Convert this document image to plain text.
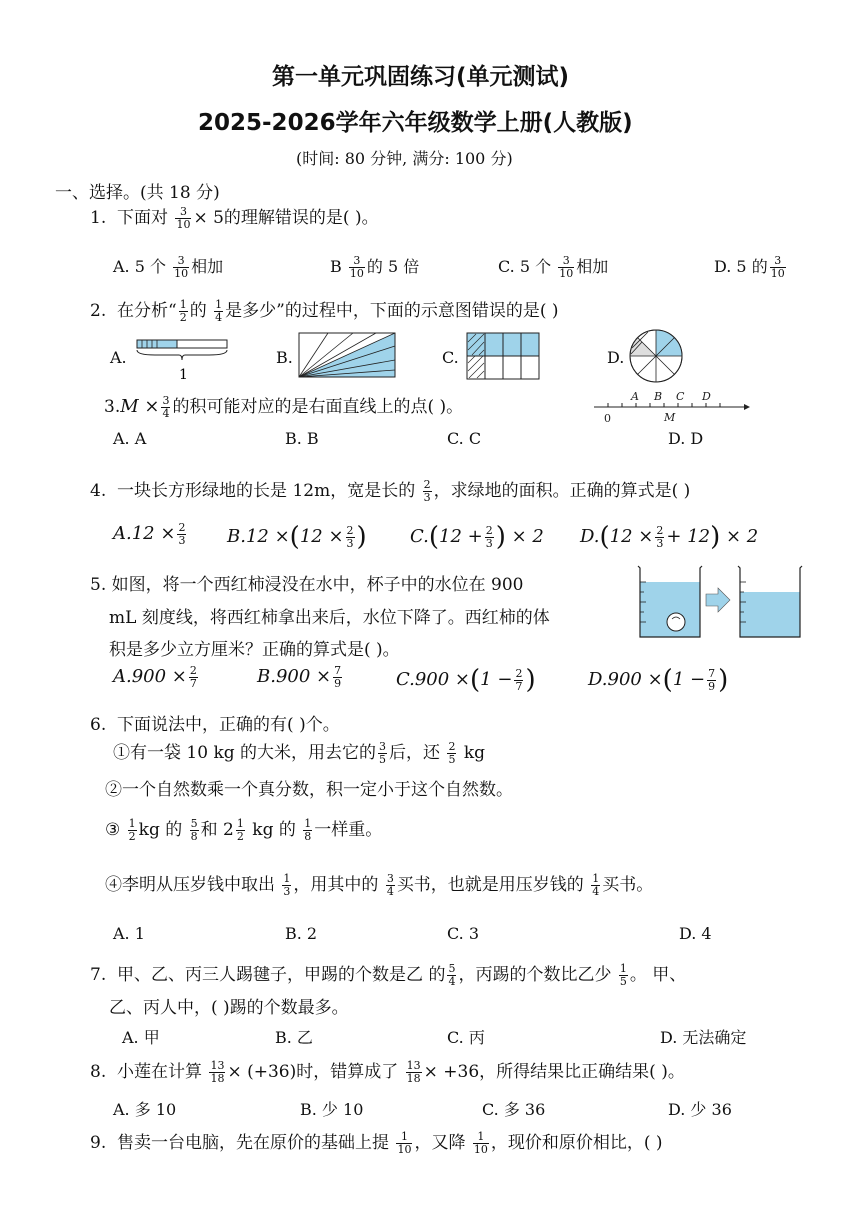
第一单元巩固练习(单元测试)
2025-2026学年六年级数学上册(人教版)
(时间: 80 分钟, 满分: 100 分)
一、选择。(共 18 分)
1. 下面对 $\frac{3}{10} \times 5$的理解错误的是( )。
A. 5 个 $\frac{3}{10}$ 相加	B $\frac{3}{10}$ 的 5 倍	C. 5 个 $\frac{3}{10}$ 相加	D. 5 的 $\frac{3}{10}$
2. 在分析“ $\frac{1}{2}$ 的 $\frac{1}{4}$ 是多少”的过程中，下面的示意图错误的是( )
A.
1
B.	C.	D.
$3.M \times \frac{3}{4}$ 的积可能对应的是右面直线上的点( )。
A B C D
M
0
A. A	B. B	C. C	D. D
4. 一块长方形绿地的长是 12m，宽是长的 $\frac{2}{3}$ ，求绿地的面积。正确的算式是( )
$A.12 \times \frac{2}{3} B.12 \times(12 \times \frac{2}{3}$ ) $C.(12 + \frac{2}{3}$ ) × 2 $D.(12 \times \frac{2}{3} + 12) \times 2$
5. 如图，将一个西红柿浸没在水中，杯子中的水位在 900
mL 刻度线，将西红柿拿出来后，水位下降了。西红柿的体
积是多少立方厘米？正确的算式是( )。
$A.900 \times \frac{2}{7}$	$B.900 \times \frac{7}{9}$	$C.900 \times(1 - \frac{2}{7}$ )	$D.900 \times(1 - \frac{7}{9}$ )
6. 下面说法中，正确的有( )个。
①有一袋 10 kg 的大米，用去它的 $\frac{3}{5}$ 后，还 $\frac{2}{5}$ kg
②一个自然数乘一个真分数，积一定小于这个自然数。
③ $\frac{1}{2}$ kg 的 $\frac{5}{8}$ 和 $2 \frac{1}{2}$ kg 的 $\frac{1}{8}$ 一样重。
④李明从压岁钱中取出 $\frac{1}{3}$ ，用其中的 $\frac{3}{4}$ 买书，也就是用压岁钱的 $\frac{1}{4}$ 买书。
A. 1	B. 2	C. 3	D. 4
7. 甲、乙、丙三人踢毽子，甲踢的个数是乙 的 $\frac{5}{4}$ ，丙踢的个数比乙少 $\frac{1}{5}$ 。 甲、
乙、丙人中，( )踢的个数最多。
A. 甲	B. 乙	C. 丙	D. 无法确定
8. 小莲在计算 $\frac{13}{18} \times (+36)$时，错算成了 $\frac{13}{18} \times +36$，所得结果比正确结果( )。
A. 多 10	B. 少 10	C. 多 36	D. 少 36
9. 售卖一台电脑，先在原价的基础上提 $\frac{1}{10}$ ，又降 $\frac{1}{10}$ ，现价和原价相比，( )
